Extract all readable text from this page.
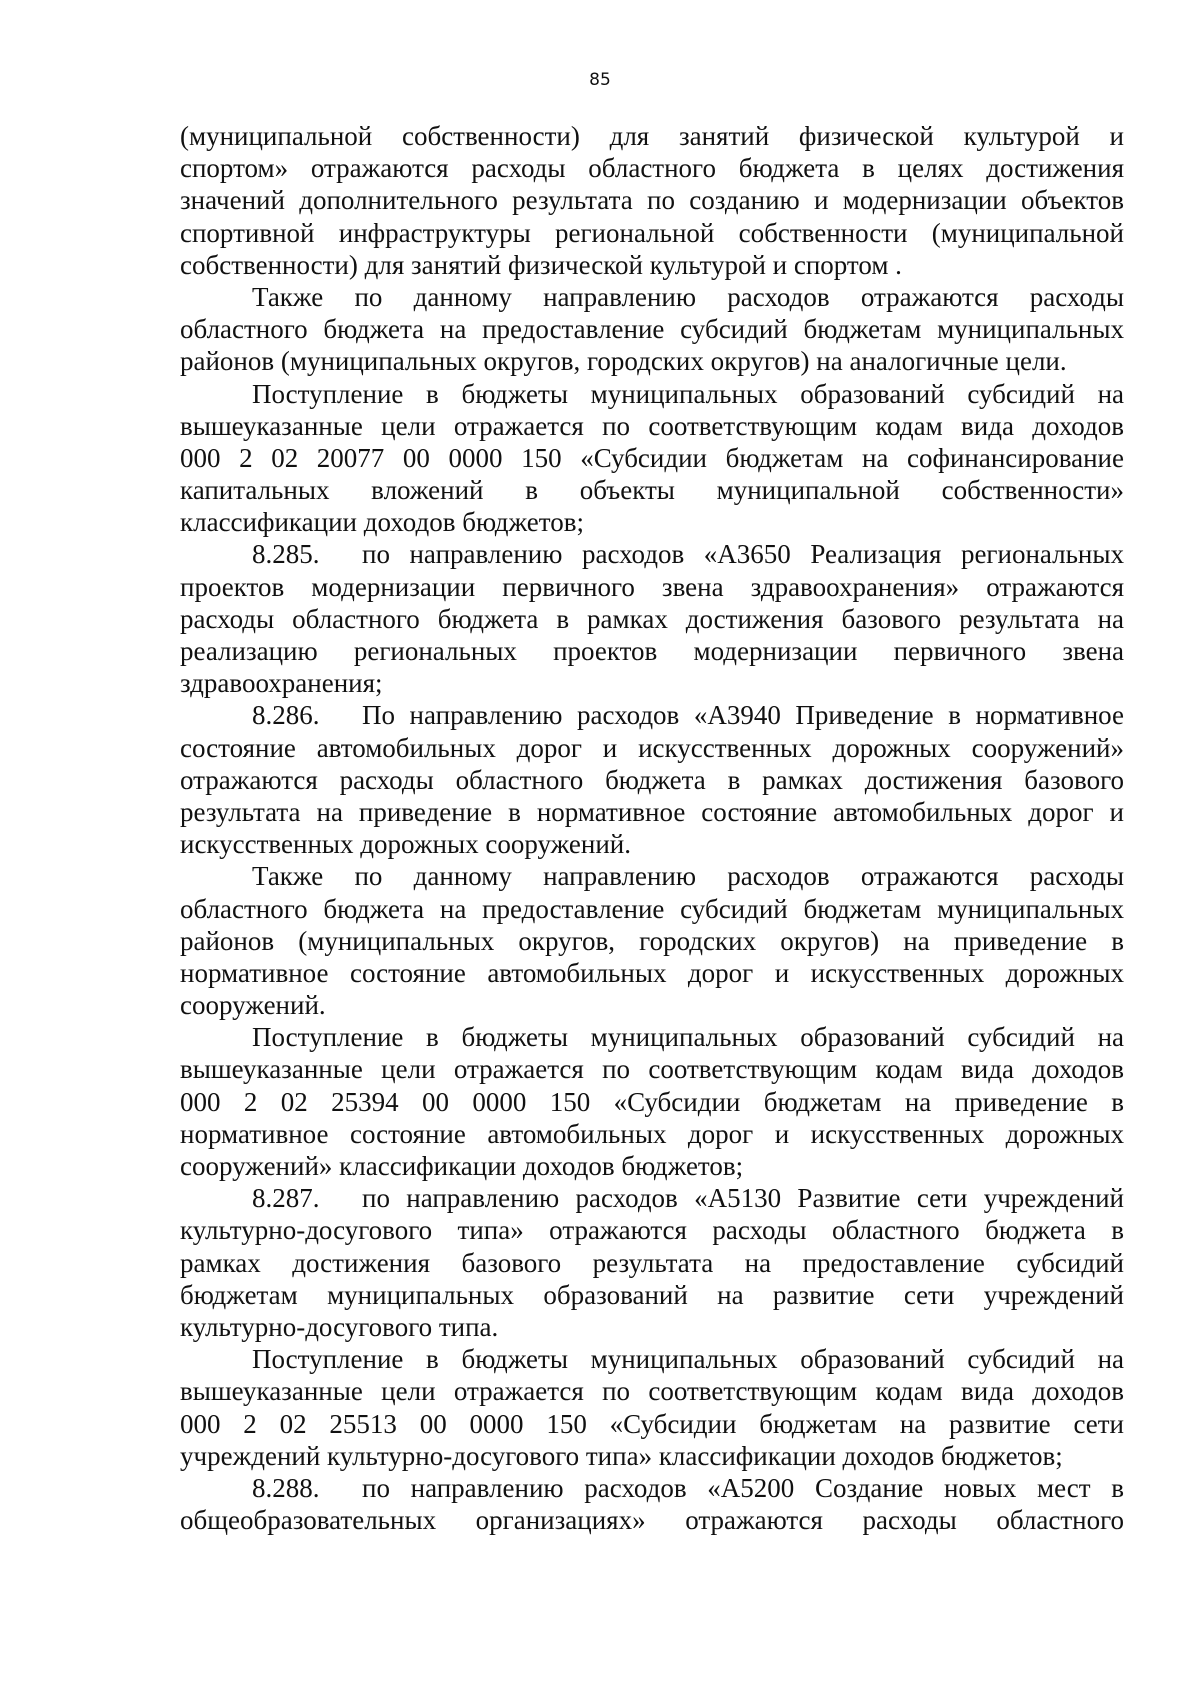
85
(муниципальной собственности) для занятий физической культурой и
спортом» отражаются расходы областного бюджета в целях достижения
значений дополнительного результата по созданию и модернизации объектов
спортивной инфраструктуры региональной собственности (муниципальной
собственности) для занятий физической культурой и спортом .
Также по данному направлению расходов отражаются расходы
областного бюджета на предоставление субсидий бюджетам муниципальных
районов (муниципальных округов, городских округов) на аналогичные цели.
Поступление в бюджеты муниципальных образований субсидий на
вышеуказанные цели отражается по соответствующим кодам вида доходов
000 2 02 20077 00 0000 150 «Субсидии бюджетам на софинансирование
капитальных вложений в объекты муниципальной собственности»
классификации доходов бюджетов;
8.285. по направлению расходов «А3650 Реализация региональных
проектов модернизации первичного звена здравоохранения» отражаются
расходы областного бюджета в рамках достижения базового результата на
реализацию региональных проектов модернизации первичного звена
здравоохранения;
8.286. По направлению расходов «А3940 Приведение в нормативное
состояние автомобильных дорог и искусственных дорожных сооружений»
отражаются расходы областного бюджета в рамках достижения базового
результата на приведение в нормативное состояние автомобильных дорог и
искусственных дорожных сооружений.
Также по данному направлению расходов отражаются расходы
областного бюджета на предоставление субсидий бюджетам муниципальных
районов (муниципальных округов, городских округов) на приведение в
нормативное состояние автомобильных дорог и искусственных дорожных
сооружений.
Поступление в бюджеты муниципальных образований субсидий на
вышеуказанные цели отражается по соответствующим кодам вида доходов
000 2 02 25394 00 0000 150 «Субсидии бюджетам на приведение в
нормативное состояние автомобильных дорог и искусственных дорожных
сооружений» классификации доходов бюджетов;
8.287. по направлению расходов «А5130 Развитие сети учреждений
культурно-досугового типа» отражаются расходы областного бюджета в
рамках достижения базового результата на предоставление субсидий
бюджетам муниципальных образований на развитие сети учреждений
культурно-досугового типа.
Поступление в бюджеты муниципальных образований субсидий на
вышеуказанные цели отражается по соответствующим кодам вида доходов
000 2 02 25513 00 0000 150 «Субсидии бюджетам на развитие сети
учреждений культурно-досугового типа» классификации доходов бюджетов;
8.288. по направлению расходов «А5200 Создание новых мест в
общеобразовательных организациях» отражаются расходы областного
